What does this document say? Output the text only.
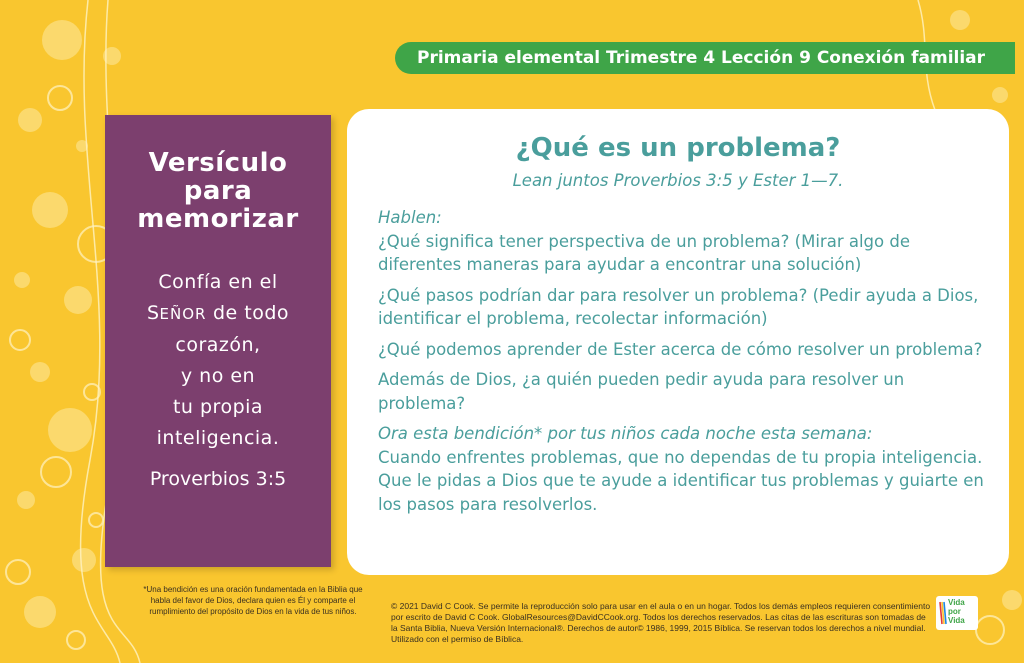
Primaria elemental Trimestre 4 Lección 9 Conexión familiar
Versículo
para
memorizar
Confía en el
SEÑOR de todo
corazón,
y no en
tu propia
inteligencia.
Proverbios 3:5
¿Qué es un problema?
Lean juntos Proverbios 3:5 y Ester 1—7.
Hablen:

¿Qué significa tener perspectiva de un problema? (Mirar algo de diferentes maneras para ayudar a encontrar una solución)

¿Qué pasos podrían dar para resolver un problema? (Pedir ayuda a Dios, identificar el problema, recolectar información)

¿Qué podemos aprender de Ester acerca de cómo resolver un problema?

Además de Dios, ¿a quién pueden pedir ayuda para resolver un problema?

Ora esta bendición* por tus niños cada noche esta semana:

Cuando enfrentes problemas, que no dependas de tu propia inteligencia. Que le pidas a Dios que te ayude a identificar tus problemas y guiarte en los pasos para resolverlos.

*Una bendición es una oración fundamentada en la Biblia que habla del favor de Dios, declara quien es Él y comparte el rumplimiento del propósito de Dios en la vida de tus niños.
© 2021 David C Cook. Se permite la reproducción solo para usar en el aula o en un hogar. Todos los demás empleos requieren consentimiento por escrito de David C Cook. GlobalResources@DavidCCook.org. Todos los derechos reservados. Las citas de las escrituras son tomadas de la Santa Biblia, Nueva Versión Internacional®. Derechos de autor© 1986, 1999, 2015 Bíblica. Se reservan todos los derechos a nivel mundial. Utilizado con el permiso de Bíblica.
Vida
por
Vida
